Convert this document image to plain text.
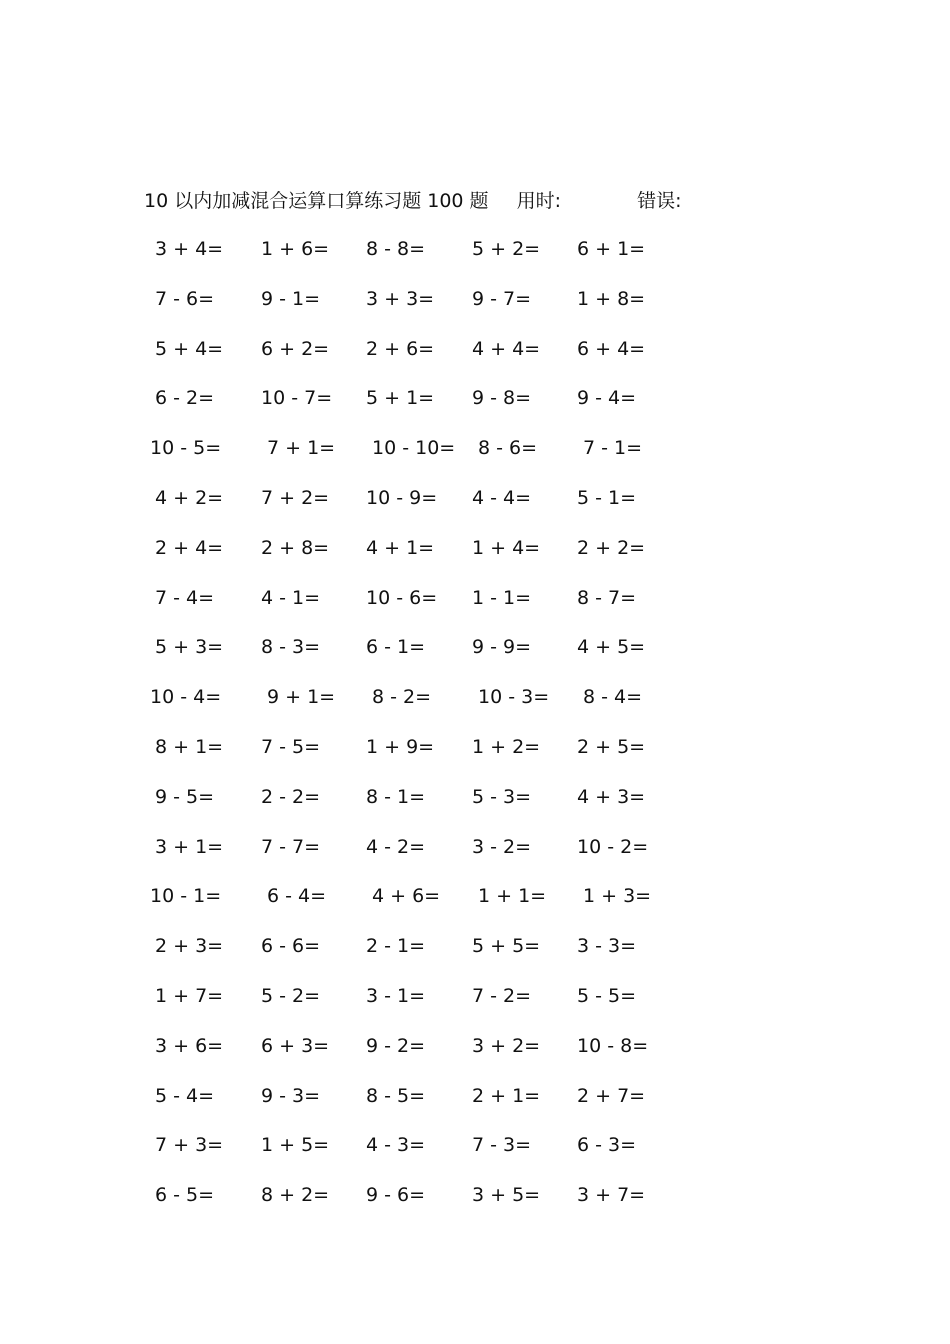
10 以内加减混合运算口算练习题 100 题 用时:	错误:
3 + 4= 1 + 6= 8 - 8= 5 + 2= 6 + 1=
7 - 6= 9 - 1= 3 + 3= 9 - 7= 1 + 8=
5 + 4= 6 + 2= 2 + 6= 4 + 4= 6 + 4=
6 - 2= 10 - 7= 5 + 1= 9 - 8= 9 - 4=
10 - 5= 7 + 1= 10 - 10= 8 - 6= 7 - 1=
4 + 2= 7 + 2= 10 - 9= 4 - 4= 5 - 1=
2 + 4= 2 + 8= 4 + 1= 1 + 4= 2 + 2=
7 - 4= 4 - 1= 10 - 6= 1 - 1= 8 - 7=
5 + 3= 8 - 3= 6 - 1= 9 - 9= 4 + 5=
10 - 4= 9 + 1= 8 - 2= 10 - 3= 8 - 4=
8 + 1= 7 - 5= 1 + 9= 1 + 2= 2 + 5=
9 - 5= 2 - 2= 8 - 1= 5 - 3= 4 + 3=
3 + 1= 7 - 7= 4 - 2= 3 - 2= 10 - 2=
10 - 1= 6 - 4= 4 + 6= 1 + 1= 1 + 3=
2 + 3= 6 - 6= 2 - 1= 5 + 5= 3 - 3=
1 + 7= 5 - 2= 3 - 1= 7 - 2= 5 - 5=
3 + 6= 6 + 3= 9 - 2= 3 + 2= 10 - 8=
5 - 4= 9 - 3= 8 - 5= 2 + 1= 2 + 7=
7 + 3= 1 + 5= 4 - 3= 7 - 3= 6 - 3=
6 - 5= 8 + 2= 9 - 6= 3 + 5= 3 + 7=
